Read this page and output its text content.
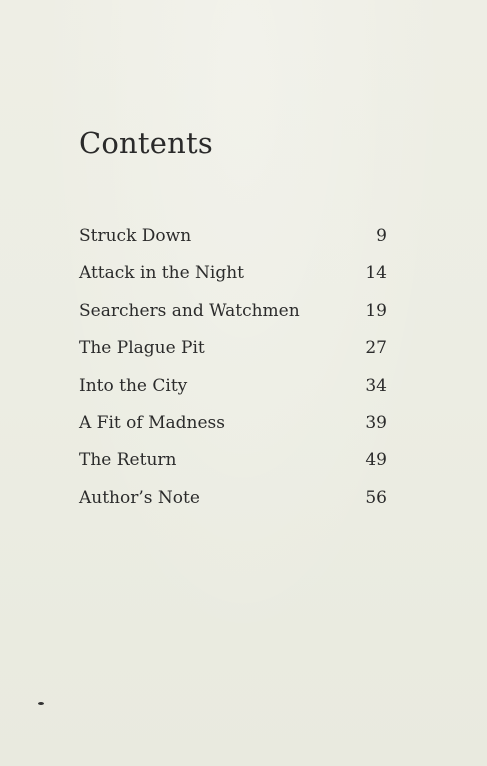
Contents
Struck Down	9
Attack in the Night	14
Searchers and Watchmen	19
The Plague Pit	27
Into the City	34
A Fit of Madness	39
The Return	49
Author’s Note	56
